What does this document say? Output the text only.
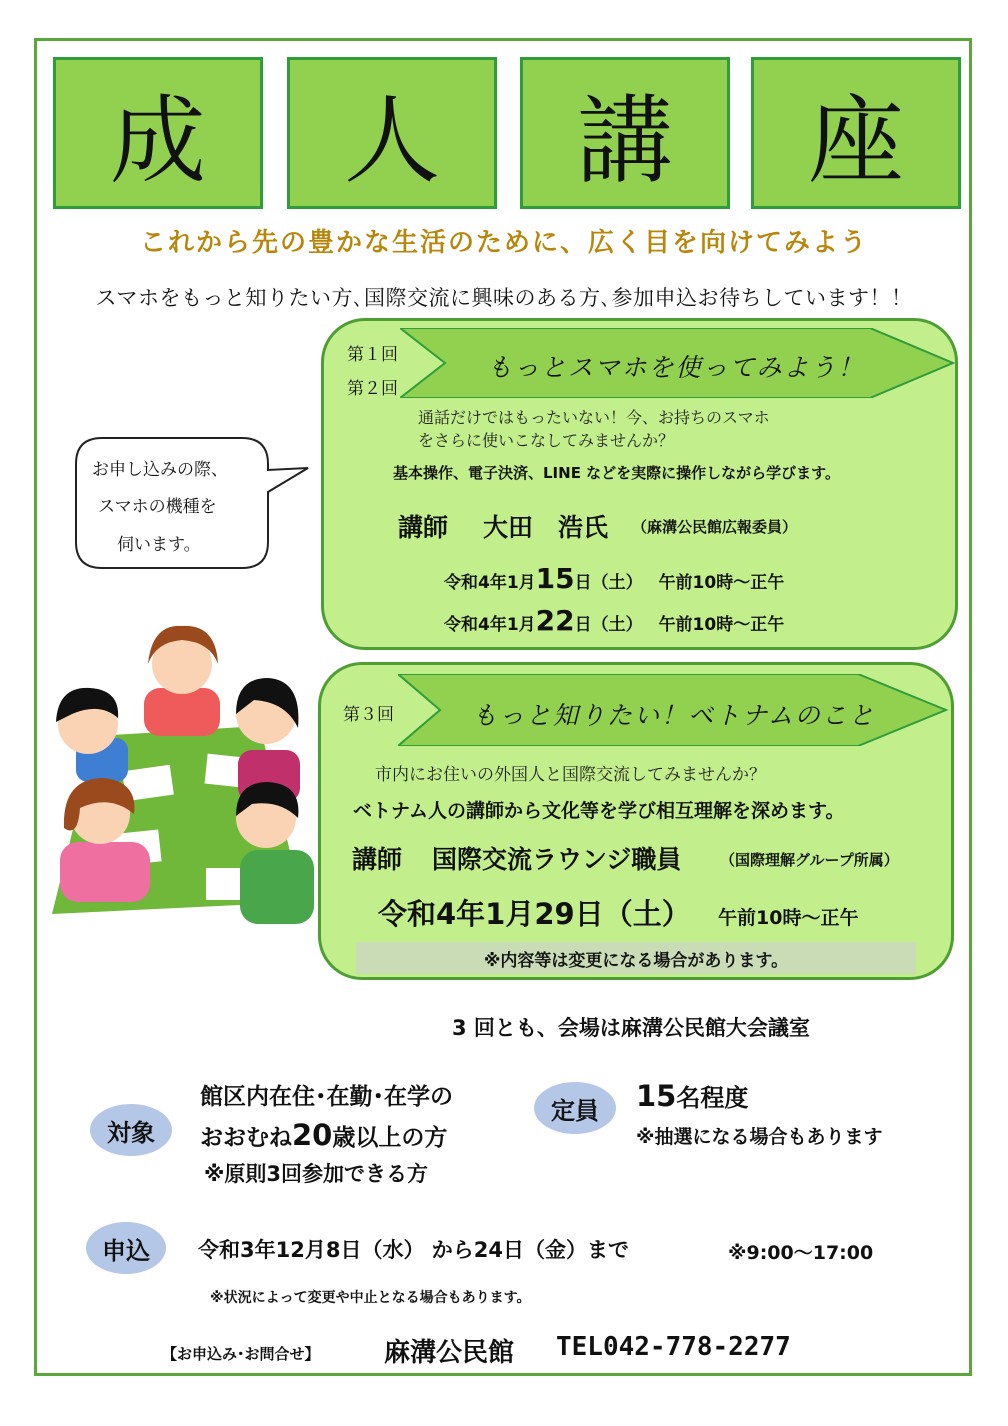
成	人	講	座
これから先の豊かな生活のために、広く目を向けてみよう
スマホをもっと知りたい方､国際交流に興味のある方､参加申込お待ちしています！！
お申し込みの際、
スマホの機種を
伺います。
第１回
第２回
もっとスマホを使ってみよう！
通話だけではもったいない！今、お持ちのスマホ
をさらに使いこなしてみませんか？
基本操作、電子決済、LINE などを実際に操作しながら学びます。
講師 大田　浩氏 （麻溝公民館広報委員）
令和4年1月15日（土） 午前10時～正午
令和4年1月22日（土） 午前10時～正午
第３回	もっと知りたい！ベトナムのこと
市内にお住いの外国人と国際交流してみませんか？
ベトナム人の講師から文化等を学び相互理解を深めます。
講師 国際交流ラウンジ職員	（国際理解グループ所属）
令和4年1月29日（土） 午前10時～正午
※内容等は変更になる場合があります。
3 回とも、会場は麻溝公民館大会議室
対象
館区内在住･在勤･在学の
おおむね20歳以上の方
※原則3回参加できる方
定員	15名程度
※抽選になる場合もあります
申込	令和3年12月8日（水） から24日（金）まで	※9:00～17:00
※状況によって変更や中止となる場合もあります。
【お申込み･お問合せ】 麻溝公民館 TEL042-778-2277
